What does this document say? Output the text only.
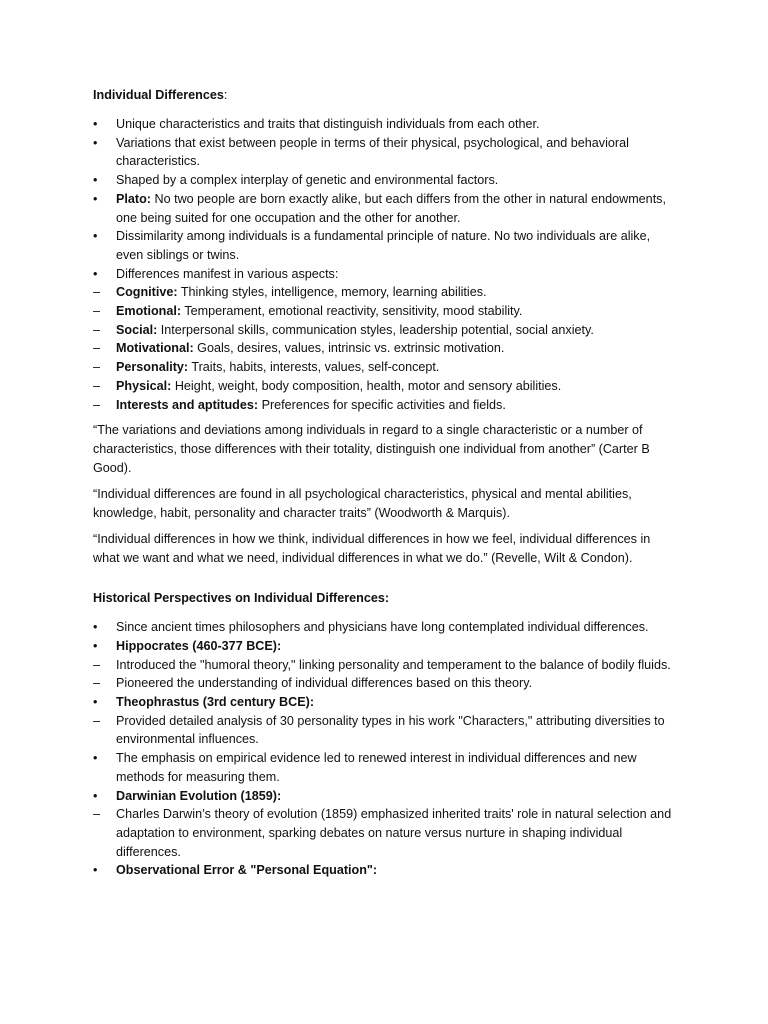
Individual Differences:
•	Unique characteristics and traits that distinguish individuals from each other.
•	Variations that exist between people in terms of their physical, psychological, and behavioral characteristics.
•	Shaped by a complex interplay of genetic and environmental factors.
•	Plato: No two people are born exactly alike, but each differs from the other in natural endowments, one being suited for one occupation and the other for another.
•	Dissimilarity among individuals is a fundamental principle of nature. No two individuals are alike, even siblings or twins.
•	Differences manifest in various aspects:
–	Cognitive: Thinking styles, intelligence, memory, learning abilities.
–	Emotional: Temperament, emotional reactivity, sensitivity, mood stability.
–	Social: Interpersonal skills, communication styles, leadership potential, social anxiety.
–	Motivational: Goals, desires, values, intrinsic vs. extrinsic motivation.
–	Personality: Traits, habits, interests, values, self-concept.
–	Physical: Height, weight, body composition, health, motor and sensory abilities.
–	Interests and aptitudes: Preferences for specific activities and fields.

“The variations and deviations among individuals in regard to a single characteristic or a number of characteristics, those differences with their totality, distinguish one individual from another” (Carter B Good).

“Individual differences are found in all psychological characteristics, physical and mental abilities, knowledge, habit, personality and character traits” (Woodworth & Marquis).

“Individual differences in how we think, individual differences in how we feel, individual differences in what we want and what we need, individual differences in what we do.” (Revelle, Wilt & Condon).

Historical Perspectives on Individual Differences:
•	Since ancient times philosophers and physicians have long contemplated individual differences.
•	Hippocrates (460-377 BCE):
–	Introduced the "humoral theory," linking personality and temperament to the balance of bodily fluids.
–	Pioneered the understanding of individual differences based on this theory.
•	Theophrastus (3rd century BCE):
–	Provided detailed analysis of 30 personality types in his work "Characters," attributing diversities to environmental influences.
•	The emphasis on empirical evidence led to renewed interest in individual differences and new methods for measuring them.
•	Darwinian Evolution (1859):
–	Charles Darwin’s theory of evolution (1859) emphasized inherited traits' role in natural selection and adaptation to environment, sparking debates on nature versus nurture in shaping individual differences.
•	Observational Error & "Personal Equation":
